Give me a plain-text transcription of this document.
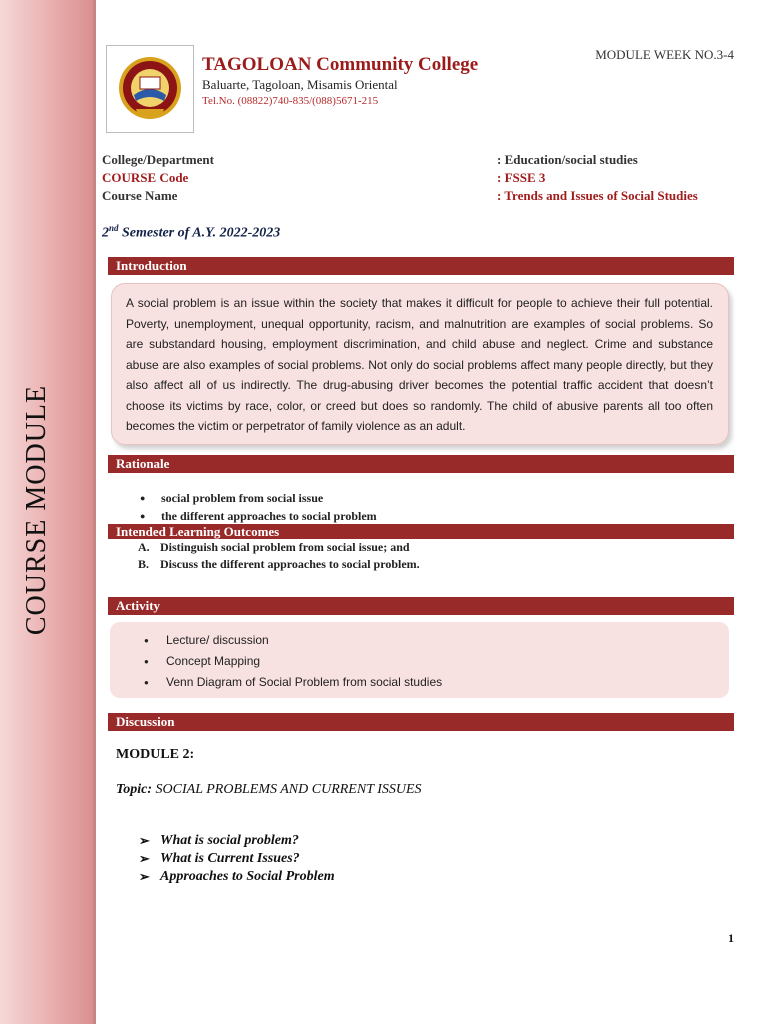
COURSE MODULE
TAGOLOAN Community College
Baluarte, Tagoloan, Misamis Oriental
Tel.No. (08822)740-835/(088)5671-215
MODULE WEEK NO.3-4
College/Department	: Education/social studies
COURSE Code	: FSSE 3
Course Name	: Trends and Issues of Social Studies
2nd Semester of A.Y. 2022-2023
Introduction
A social problem is an issue within the society that makes it difficult for people to achieve their full potential. Poverty, unemployment, unequal opportunity, racism, and malnutrition are examples of social problems. So are substandard housing, employment discrimination, and child abuse and neglect. Crime and substance abuse are also examples of social problems. Not only do social problems affect many people directly, but they also affect all of us indirectly. The drug-abusing driver becomes the potential traffic accident that doesn’t choose its victims by race, color, or creed but does so randomly. The child of abusive parents all too often becomes the victim or perpetrator of family violence as an adult.
Rationale
● social problem from social issue
● the different approaches to social problem
Intended Learning Outcomes
A. Distinguish social problem from social issue; and
B. Discuss the different approaches to social problem.
Activity
● Lecture/ discussion
● Concept Mapping
● Venn Diagram of Social Problem from social studies
Discussion
MODULE 2:
Topic: SOCIAL PROBLEMS AND CURRENT ISSUES
➢ What is social problem?
➢ What is Current Issues?
➢ Approaches to Social Problem
1
